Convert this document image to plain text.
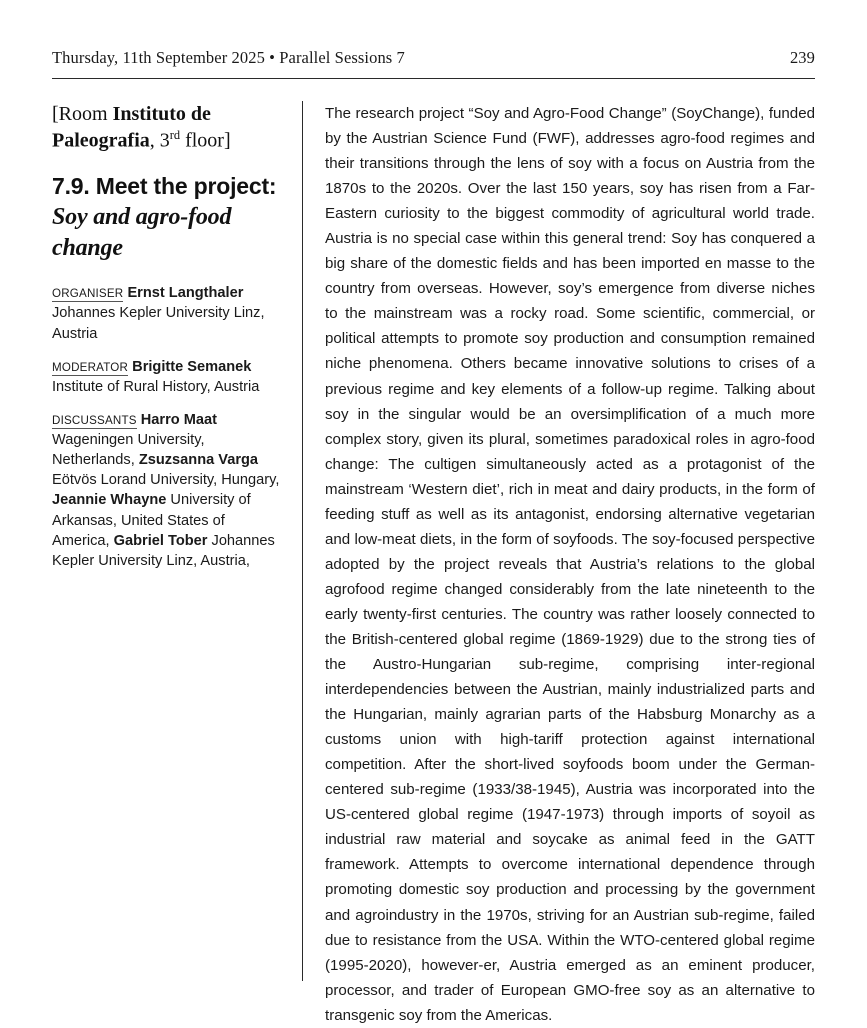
Thursday, 11th September 2025 • Parallel Sessions 7	239

[Room Instituto de Paleografia, 3rd floor]

7.9. Meet the project: Soy and agro-food change
ORGANISER Ernst Langthaler
Johannes Kepler University Linz, Austria
MODERATOR Brigitte Semanek
Institute of Rural History, Austria
DISCUSSANTS Harro Maat Wageningen University, Netherlands, Zsuzsanna Varga Eötvös Lorand University, Hungary, Jeannie Whayne University of Arkansas, United States of America, Gabriel Tober Johannes Kepler University Linz, Austria,

The research project “Soy and Agro-Food Change” (SoyChange), funded by the Austrian Science Fund (FWF), addresses agro-food regimes and their transitions through the lens of soy with a focus on Austria from the 1870s to the 2020s. Over the last 150 years, soy has risen from a Far-Eastern curiosity to the biggest commodity of agricultural world trade. Austria is no special case within this general trend: Soy has conquered a big share of the domestic fields and has been imported en masse to the country from overseas. However, soy’s emergence from diverse niches to the mainstream was a rocky road. Some scientific, commercial, or political attempts to promote soy production and consumption remained niche phenomena. Others became innovative solutions to crises of a previous regime and key elements of a follow-up regime. Talking about soy in the singular would be an oversimplification of a much more complex story, given its plural, sometimes paradoxical roles in agro-food change: The cultigen simultaneously acted as a protagonist of the mainstream ‘Western diet’, rich in meat and dairy products, in the form of feeding stuff as well as its antagonist, endorsing alternative vegetarian and low-meat diets, in the form of soyfoods. The soy-focused perspective adopted by the project reveals that Austria’s relations to the global agrofood regime changed considerably from the late nineteenth to the early twenty-first centuries. The country was rather loosely connected to the British-centered global regime (1869-1929) due to the strong ties of the Austro-Hungarian sub-regime, comprising inter-regional interdependencies between the Austrian, mainly industrialized parts and the Hungarian, mainly agrarian parts of the Habsburg Monarchy as a customs union with high-tariff protection against international competition. After the short-lived soyfoods boom under the German-centered sub-regime (1933/38-1945), Austria was incorporated into the US-centered global regime (1947-1973) through imports of soyoil as industrial raw material and soycake as animal feed in the GATT framework. Attempts to overcome international dependence through promoting domestic soy production and processing by the government and agroindustry in the 1970s, striving for an Austrian sub-regime, failed due to resistance from the USA. Within the WTO-centered global regime (1995-2020), however-er, Austria emerged as an eminent producer, processor, and trader of European GMO-free soy as an alternative to transgenic soy from the Americas.
